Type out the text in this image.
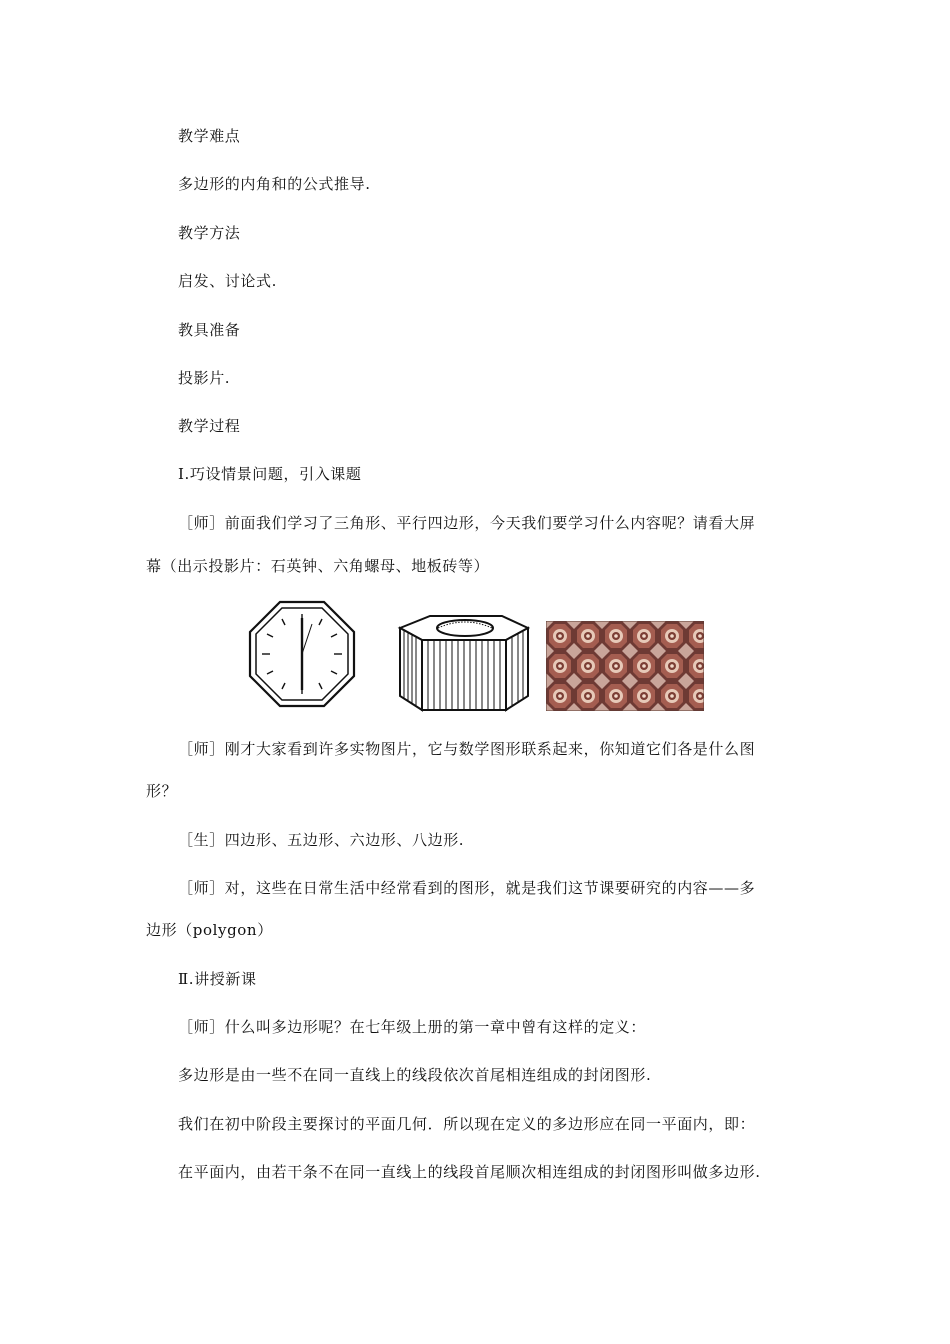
教学难点
多边形的内角和的公式推导.
教学方法
启发、讨论式.
教具准备
投影片.
教学过程
Ⅰ.巧设情景问题，引入课题
［师］前面我们学习了三角形、平行四边形，今天我们要学习什么内容呢？请看大屏
幕（出示投影片：石英钟、六角螺母、地板砖等）
［师］刚才大家看到许多实物图片，它与数学图形联系起来，你知道它们各是什么图
形？
［生］四边形、五边形、六边形、八边形.
［师］对，这些在日常生活中经常看到的图形，就是我们这节课要研究的内容——多
边形（polygon）
Ⅱ.讲授新课
［师］什么叫多边形呢？在七年级上册的第一章中曾有这样的定义：
多边形是由一些不在同一直线上的线段依次首尾相连组成的封闭图形.
我们在初中阶段主要探讨的平面几何．所以现在定义的多边形应在同一平面内，即：
在平面内，由若干条不在同一直线上的线段首尾顺次相连组成的封闭图形叫做多边形.
